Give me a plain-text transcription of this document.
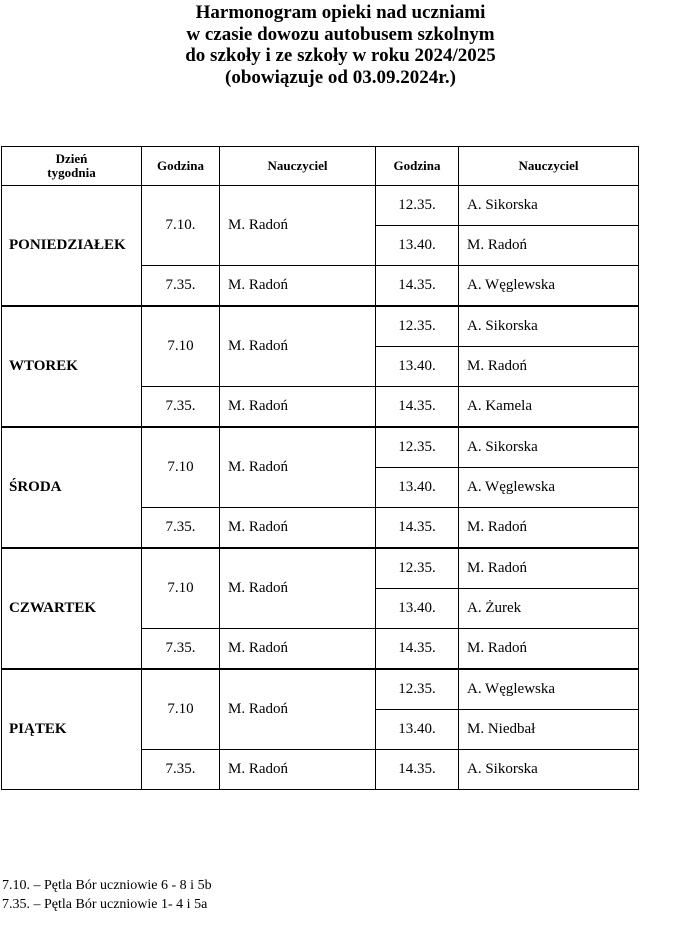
Harmonogram opieki nad uczniami
w czasie dowozu autobusem szkolnym
do szkoły i ze szkoły w roku 2024/2025
(obowiązuje od 03.09.2024r.)
Dzień
tygodnia	Godzina	Nauczyciel	Godzina	Nauczyciel
PONIEDZIAŁEK	7.10.	M. Radoń	12.35.	A. Sikorska
			13.40.	M. Radoń
	7.35.	M. Radoń	14.35.	A. Węglewska
WTOREK	7.10	M. Radoń	12.35.	A. Sikorska
			13.40.	M. Radoń
	7.35.	M. Radoń	14.35.	A. Kamela
ŚRODA	7.10	M. Radoń	12.35.	A. Sikorska
			13.40.	A. Węglewska
	7.35.	M. Radoń	14.35.	M. Radoń
CZWARTEK	7.10	M. Radoń	12.35.	M. Radoń
			13.40.	A. Żurek
	7.35.	M. Radoń	14.35.	M. Radoń
PIĄTEK	7.10	M. Radoń	12.35.	A. Węglewska
			13.40.	M. Niedbał
	7.35.	M. Radoń	14.35.	A. Sikorska
7.10. – Pętla Bór uczniowie 6 - 8 i 5b
7.35. – Pętla Bór uczniowie 1- 4 i 5a
